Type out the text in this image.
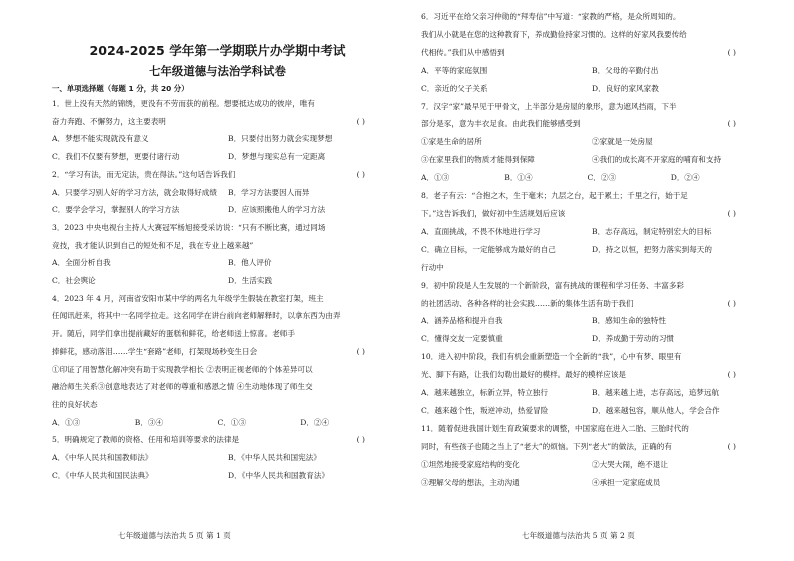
2024-2025 学年第一学期联片办学期中考试
七年级道德与法治学科试卷
一、单项选择题（每题 1 分，共 20 分）

1．世上没有天然的锦绣，更没有不劳而获的前程。想要抵达成功的彼岸，唯有

奋力奔跑、不懈努力，这主要表明	( )

A．梦想不能实现就没有意义	B．只要付出努力就会实现梦想
C．我们不仅要有梦想，更要付诸行动	D．梦想与现实总有一定距离

2．“学习有法，而无定法，贵在得法。”这句话告诉我们	( )

A．只要学习别人好的学习方法，就会取得好成绩	B．学习方法要因人而异
C．要学会学习，掌握别人的学习方法	D．应该照搬他人的学习方法

3．2023 中央电视台主持人大赛冠军杨旭接受采访说：“只有不断比赛，通过同场

竞技，我才能认识到自己的短处和不足，我在专业上越来越”

A．全面分析自我	B．他人评价
C．社会舆论	D．生活实践

4．2023 年 4 月，河南省安阳市某中学的两名九年级学生假装在教室打架，班主

任闻讯赶来，将其中一名同学拉走。这名同学在讲台前向老师解释时，以拿东西为由弄

开。随后，同学们拿出提前藏好的蛋糕和鲜花，给老师送上惊喜。老师手

捧鲜花，感动落泪……学生“套路”老师，打架现场秒变生日会	( )

①印证了用智慧化解冲突有助于实现教学相长 ②表明正视老师的个体差异可以

融洽师生关系③创意地表达了对老师的尊重和感恩之情 ④生动地体现了师生交

往的良好状态

A．①③	B．③④	C．①③	D．②④

5．明确规定了教师的资格、任用和培训等要求的法律是	( )

A．《中华人民共和国教师法》	B．《中华人民共和国宪法》
C．《中华人民共和国民法典》	D．《中华人民共和国教育法》
七年级道德与法治共 5 页 第 1 页

6．习近平在给父亲习仲勋的“拜寿信”中写道：“家教的严格，是众所周知的。

我们从小就是在您的这种教育下，养成勤俭持家习惯的。这样的好家风我要传给

代相传。”我们从中感悟到	( )

A．平等的家庭氛围	B．父母的辛勤付出
C．亲近的父子关系	D．良好的家风家教

7．汉字“家”最早见于甲骨文，上半部分是房屋的象形，意为遮风挡雨，下半

部分是豕，意为丰衣足食。由此我们能够感受到	( )

①家是生命的居所	②家就是一处房屋
③在家里我们的物质才能得到保障	④我们的成长离不开家庭的哺育和支持
A．①③	B．①④	C．②③	D．②④

8．老子有云：“合抱之木，生于毫末；九层之台，起于累土；千里之行，始于足

下。”这告诉我们，做好初中生活规划后应该	( )

A．直面挑战，不畏不休地进行学习	B．志存高远，制定特别宏大的目标
C．确立目标，一定能够成为最好的自己	D．持之以恒，把努力落实到每天的

行动中

9．初中阶段是人生发展的一个新阶段，富有挑战的课程和学习任务、丰富多彩

的社团活动、各种各样的社会实践……新的集体生活有助于我们	( )

A．涵养品格和提升自我	B．感知生命的独特性
C．懂得交友一定要慎重	D．养成勤于劳动的习惯

10．进入初中阶段，我们有机会重新塑造一个全新的“我”，心中有梦、眼里有

光、脚下有路，让我们勾勒出最好的模样。最好的模样应该是	( )

A．越来越独立，标新立异，特立独行	B．越来越上进，志存高远，追梦远航
C．越来越个性，叛逆冲动，热爱冒险	D．越来越包容，顺从他人，学会合作

11．随着促进我国计划生育政策要求的调整，中国家庭在进入二胎、三胎时代的

同时，有些孩子也随之当上了“老大”的烦恼。下列“老大”的做法，正确的有	( )

①坦然地接受家庭结构的变化	②大哭大闹，绝不退让
③理解父母的想法，主动沟通	④承担一定家庭成员
七年级道德与法治共 5 页 第 2 页
